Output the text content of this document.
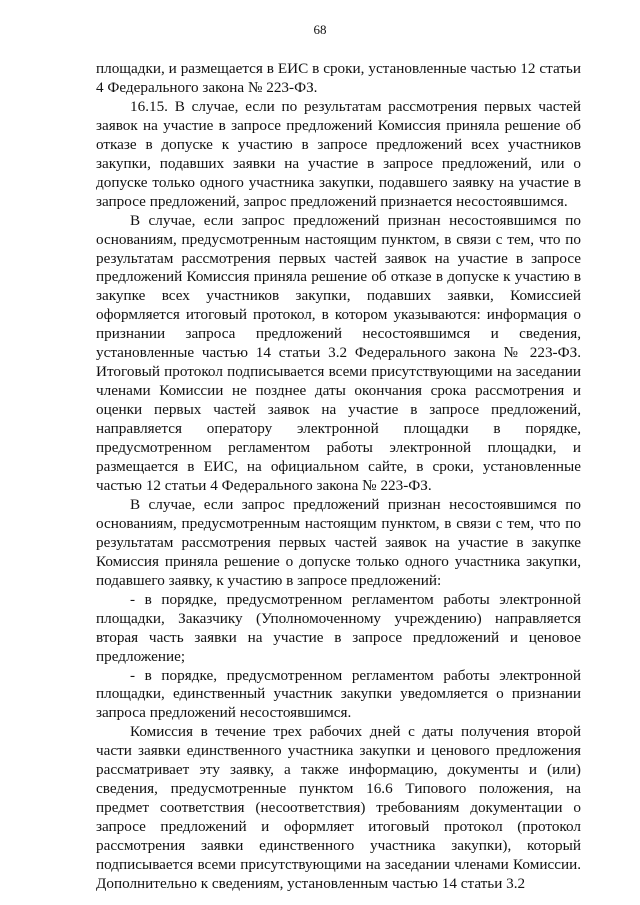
68

площадки, и размещается в ЕИС в сроки, установленные частью 12 статьи 4 Федерального закона № 223-ФЗ.

16.15. В случае, если по результатам рассмотрения первых частей заявок на участие в запросе предложений Комиссия приняла решение об отказе в допуске к участию в запросе предложений всех участников закупки, подавших заявки на участие в запросе предложений, или о допуске только одного участника закупки, подавшего заявку на участие в запросе предложений, запрос предложений признается несостоявшимся.

В случае, если запрос предложений признан несостоявшимся по основаниям, предусмотренным настоящим пунктом, в связи с тем, что по результатам рассмотрения первых частей заявок на участие в запросе предложений Комиссия приняла решение об отказе в допуске к участию в закупке всех участников закупки, подавших заявки, Комиссией оформляется итоговый протокол, в котором указываются: информация о признании запроса предложений несостоявшимся и сведения, установленные частью 14 статьи 3.2 Федерального закона № 223-ФЗ. Итоговый протокол подписывается всеми присутствующими на заседании членами Комиссии не позднее даты окончания срока рассмотрения и оценки первых частей заявок на участие в запросе предложений, направляется оператору электронной площадки в порядке, предусмотренном регламентом работы электронной площадки, и размещается в ЕИС, на официальном сайте, в сроки, установленные частью 12 статьи 4 Федерального закона № 223-ФЗ.

В случае, если запрос предложений признан несостоявшимся по основаниям, предусмотренным настоящим пунктом, в связи с тем, что по результатам рассмотрения первых частей заявок на участие в закупке Комиссия приняла решение о допуске только одного участника закупки, подавшего заявку, к участию в запросе предложений:

- в порядке, предусмотренном регламентом работы электронной площадки, Заказчику (Уполномоченному учреждению) направляется вторая часть заявки на участие в запросе предложений и ценовое предложение;

- в порядке, предусмотренном регламентом работы электронной площадки, единственный участник закупки уведомляется о признании запроса предложений несостоявшимся.

Комиссия в течение трех рабочих дней с даты получения второй части заявки единственного участника закупки и ценового предложения рассматривает эту заявку, а также информацию, документы и (или) сведения, предусмотренные пунктом 16.6 Типового положения, на предмет соответствия (несоответствия) требованиям документации о запросе предложений и оформляет итоговый протокол (протокол рассмотрения заявки единственного участника закупки), который подписывается всеми присутствующими на заседании членами Комиссии. Дополнительно к сведениям, установленным частью 14 статьи 3.2
